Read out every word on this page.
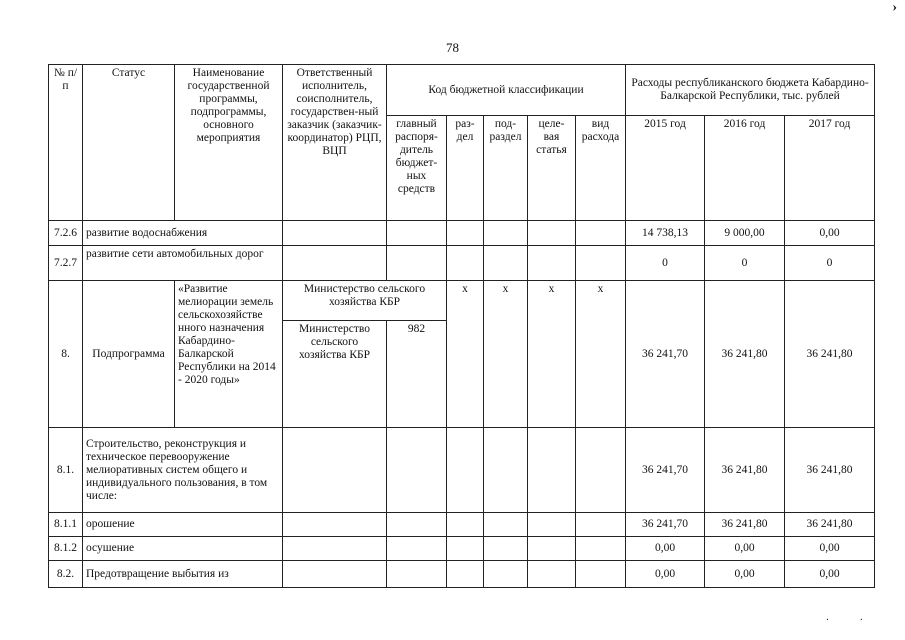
78
›
№ п/п	Статус	Наименование государственной программы, подпрограммы, основного мероприятия	Ответственный исполнитель, соисполнитель, государствен-ный заказчик (заказчик-координатор) РЦП, ВЦП	Код бюджетной классификации					Расходы республиканского бюджета Кабардино-Балкарской Республики, тыс. рублей		
				главный распоря-дитель бюджет-ных средств	раз-дел	под-раздел	целе-вая статья	вид расхода	2015 год	2016 год	2017 год
7.2.6	развитие водоснабжения								14 738,13	9 000,00	0,00
7.2.7	развитие сети автомобильных дорог								0	0	0
8.	Подпрограмма	«Развитие мелиорации земель сельскохозяйстве нного назначения Кабардино-Балкарской Республики на 2014 - 2020 годы»	Министерство сельского хозяйства КБР		х	х	х	х	36 241,70	36 241,80	36 241,80
			Министерство сельского хозяйства КБР	982							
8.1.	Строительство, реконструкция и техническое перевооружение мелиоративных систем общего и индивидуального пользования, в том числе:								36 241,70	36 241,80	36 241,80
8.1.1	орошение								36 241,70	36 241,80	36 241,80
8.1.2	осушение								0,00	0,00	0,00
8.2.	Предотвращение выбытия из								0,00	0,00	0,00
· ·
